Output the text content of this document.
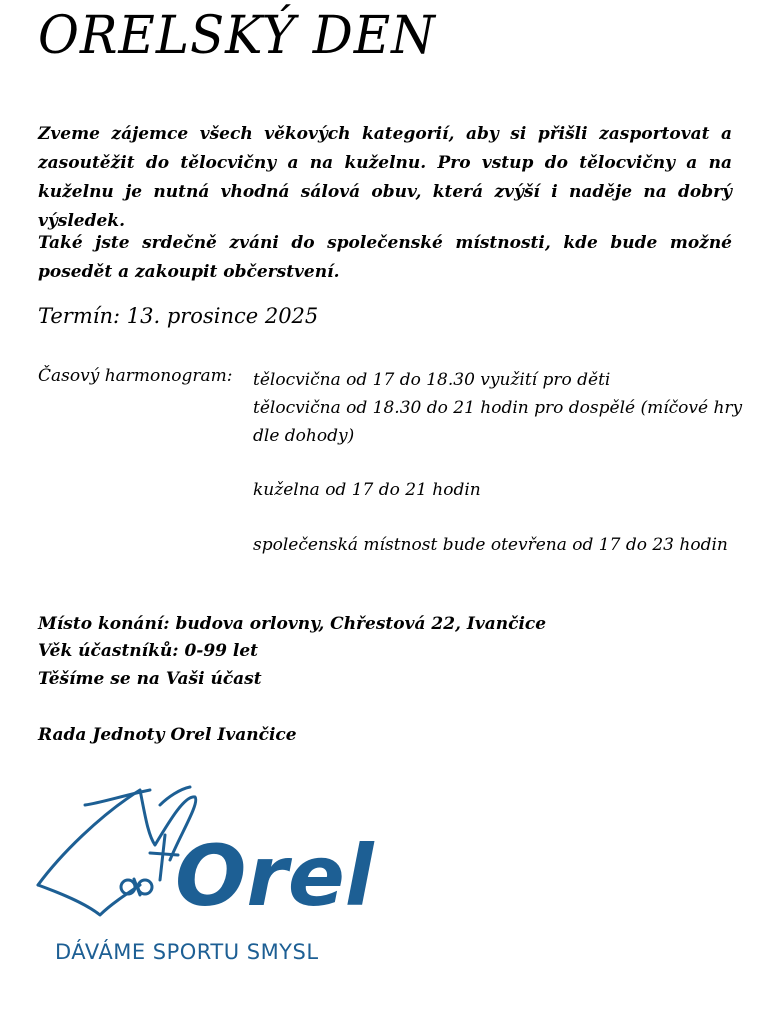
ORELSKÝ DEN

Zveme zájemce všech věkových kategorií, aby si přišli zasportovat a zasoutěžit do tělocvičny a na kuželnu. Pro vstup do tělocvičny a na kuželnu je nutná vhodná sálová obuv, která zvýší i naděje na dobrý výsledek.

Také jste srdečně zváni do společenské místnosti, kde bude možné posedět a zakoupit občerstvení.

Termín: 13. prosince 2025
Časový harmonogram: tělocvična od 17 do 18.30 využití pro děti

tělocvična od 18.30 do 21 hodin pro dospělé (míčové hry dle dohody)

kuželna od 17 do 21 hodin

společenská místnost bude otevřena od 17 do 23 hodin

Místo konání: budova orlovny, Chřestová 22, Ivančice
Věk účastníků: 0-99 let
Těšíme se na Vaši účast
Rada Jednoty Orel Ivančice
Orel
DÁVÁME SPORTU SMYSL
